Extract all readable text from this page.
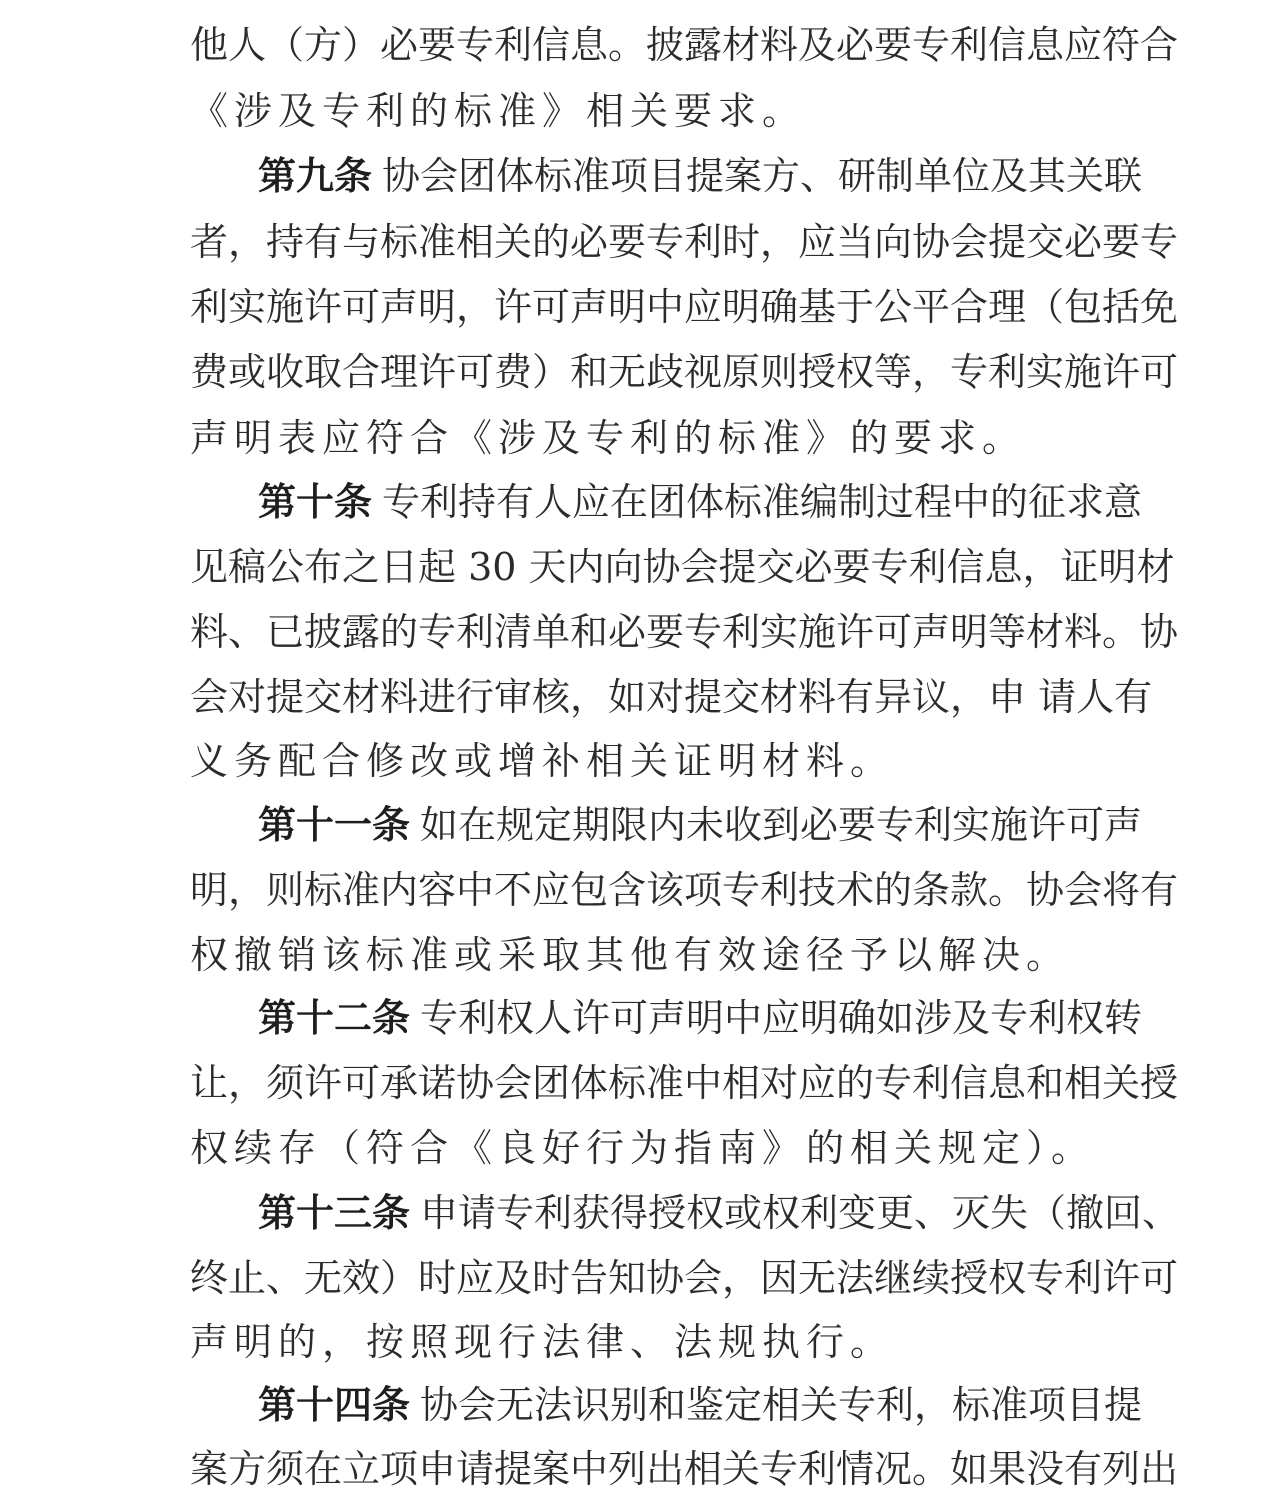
他人（方）必要专利信息。披露材料及必要专利信息应符合
《涉及专利的标准》相关要求。
第九条 协会团体标准项目提案方、研制单位及其关联
者，持有与标准相关的必要专利时，应当向协会提交必要专
利实施许可声明，许可声明中应明确基于公平合理（包括免
费或收取合理许可费）和无歧视原则授权等，专利实施许可
声明表应符合《涉及专利的标准》的要求。
第十条 专利持有人应在团体标准编制过程中的征求意
见稿公布之日起 30 天内向协会提交必要专利信息，证明材
料、已披露的专利清单和必要专利实施许可声明等材料。协
会对提交材料进行审核，如对提交材料有异议，申 请人有
义务配合修改或增补相关证明材料。
第十一条 如在规定期限内未收到必要专利实施许可声
明，则标准内容中不应包含该项专利技术的条款。协会将有
权撤销该标准或采取其他有效途径予以解决。
第十二条 专利权人许可声明中应明确如涉及专利权转
让，须许可承诺协会团体标准中相对应的专利信息和相关授
权续存（符合《良好行为指南》的相关规定）。
第十三条 申请专利获得授权或权利变更、灭失（撤回、
终止、无效）时应及时告知协会，因无法继续授权专利许可
声明的，按照现行法律、法规执行。
第十四条 协会无法识别和鉴定相关专利，标准项目提
案方须在立项申请提案中列出相关专利情况。如果没有列出
